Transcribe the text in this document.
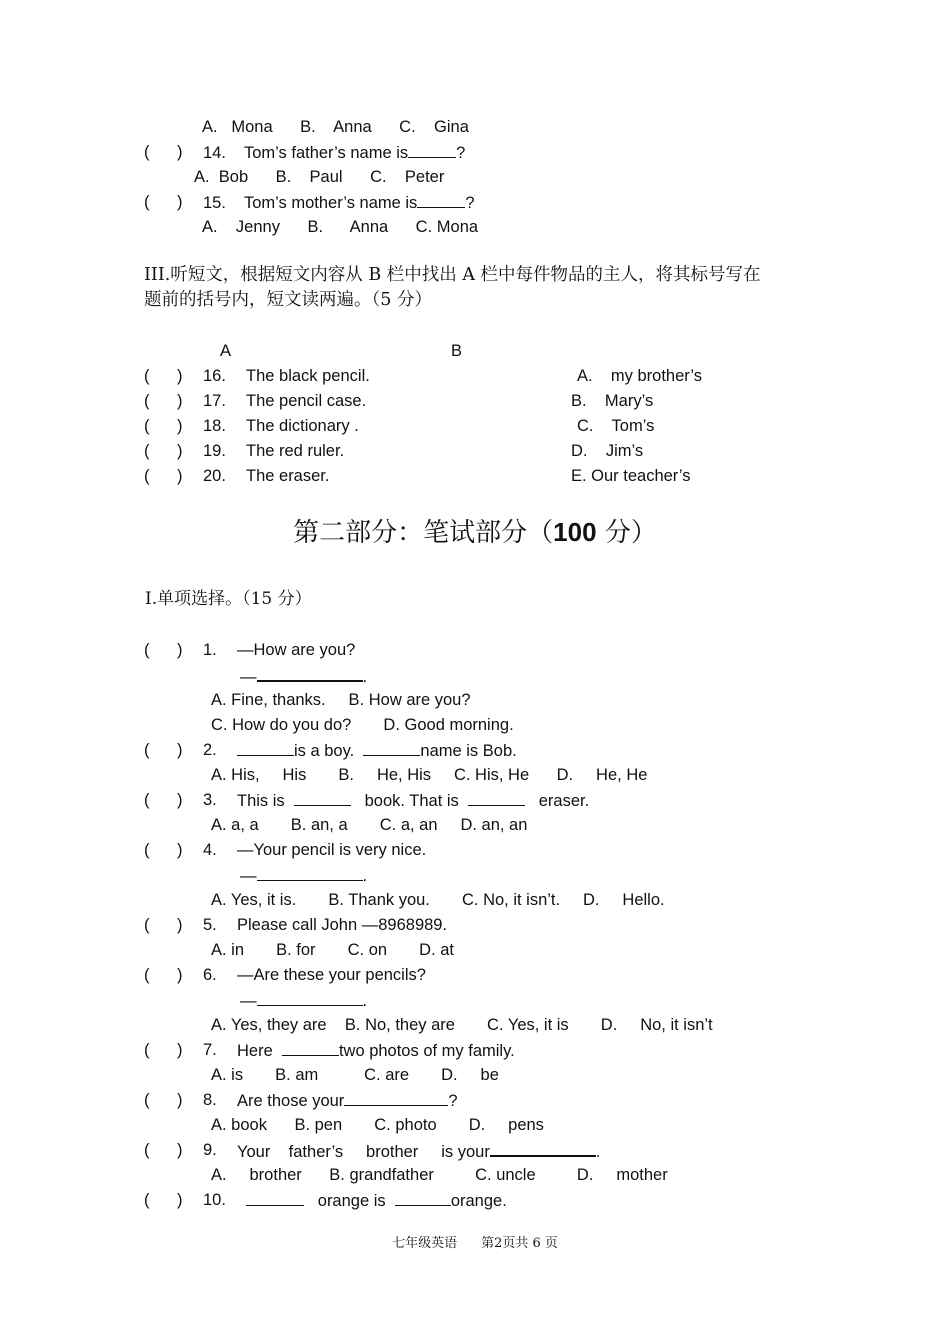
A.   Mona      B.    Anna      C.    Gina
(      ) 14. Tom’s father’s name is	?
A.  Bob      B.    Paul      C.    Peter
(      ) 15. Tom’s mother’s name is	?
A.    Jenny      B.      Anna      C. Mona
III.听短文，根据短文内容从 B 栏中找出 A 栏中每件物品的主人，将其标号写在
题前的括号内，短文读两遍。（5 分）
A	B
(      ) 16. The black pencil.	A.    my brother’s
(      ) 17. The pencil case.	B.    Mary’s
(      ) 18. The dictionary .	C.    Tom’s
(      ) 19. The red ruler.	D.    Jim’s
(      ) 20. The eraser.	E. Our teacher’s
第二部分：笔试部分（100 分）
Ⅰ.单项选择。（15 分）
(      ) 1. —How are you?
—	.
A. Fine, thanks.     B. How are you?
C. How do you do?       D. Good morning.
(      ) 2.	is a boy.	name is Bob.
A. His,     His       B.     He, His     C. His, He      D.     He, He
(      ) 3. This is	book. That is	eraser.
A. a, a       B. an, a       C. a, an     D. an, an
(      ) 4. —Your pencil is very nice.
—	.
A. Yes, it is.       B. Thank you.       C. No, it isn’t.     D.     Hello.
(      ) 5. Please call John —8968989.
A. in       B. for       C. on       D. at
(      ) 6. —Are these your pencils?
—	.
A. Yes, they are    B. No, they are       C. Yes, it is       D.     No, it isn’t
(      ) 7. Here	two photos of my family.
A. is       B. am          C. are       D.     be
(      ) 8. Are those your	?
A. book      B. pen       C. photo       D.     pens
(      ) 9. Your    father’s     brother     is your	.
A.     brother      B. grandfather         C. uncle         D.     mother
(      ) 10.	orange is	orange.
七年级英语 第2页共 6 页
